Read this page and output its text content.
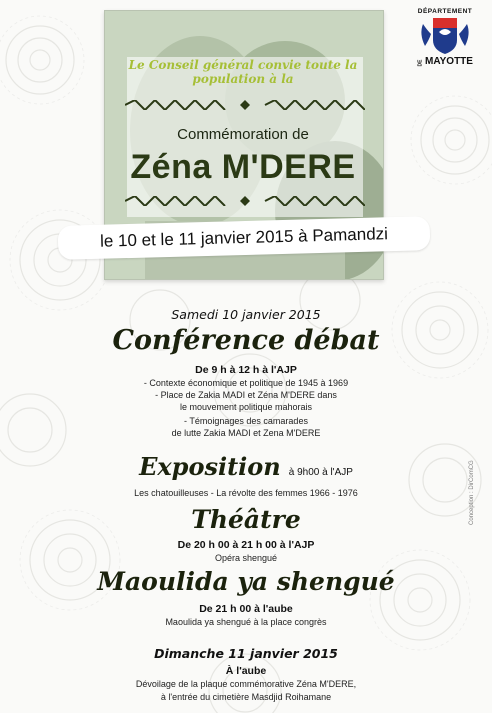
Le Conseil général convie toute la population à la
Commémoration de
Zéna M'DERE
le 10 et le 11 janvier 2015 à Pamandzi
DÉPARTEMENT
DEMAYOTTE
Conception : DirComCG
Samedi 10 janvier 2015
Conférence débat
De 9 h à 12 h à l'AJP
- Contexte économique et politique de 1945 à 1969
- Place de Zakia MADI et Zéna M'DERE dans
le mouvement politique mahorais
- Témoignages des camarades
de lutte Zakia MADI et Zena M'DERE
Exposition à 9h00 à l'AJP
Les chatouilleuses - La révolte des femmes 1966 - 1976
Théâtre
De 20 h 00 à 21 h 00 à l'AJP
Opéra shengué
Maoulida ya shengué
De 21 h 00 à l'aube
Maoulida ya shengué à la place congrès
Dimanche 11 janvier 2015
À l'aube
Dévoilage de la plaque commémorative Zéna M'DERE,
à l'entrée du cimetière Masdjid Roihamane
